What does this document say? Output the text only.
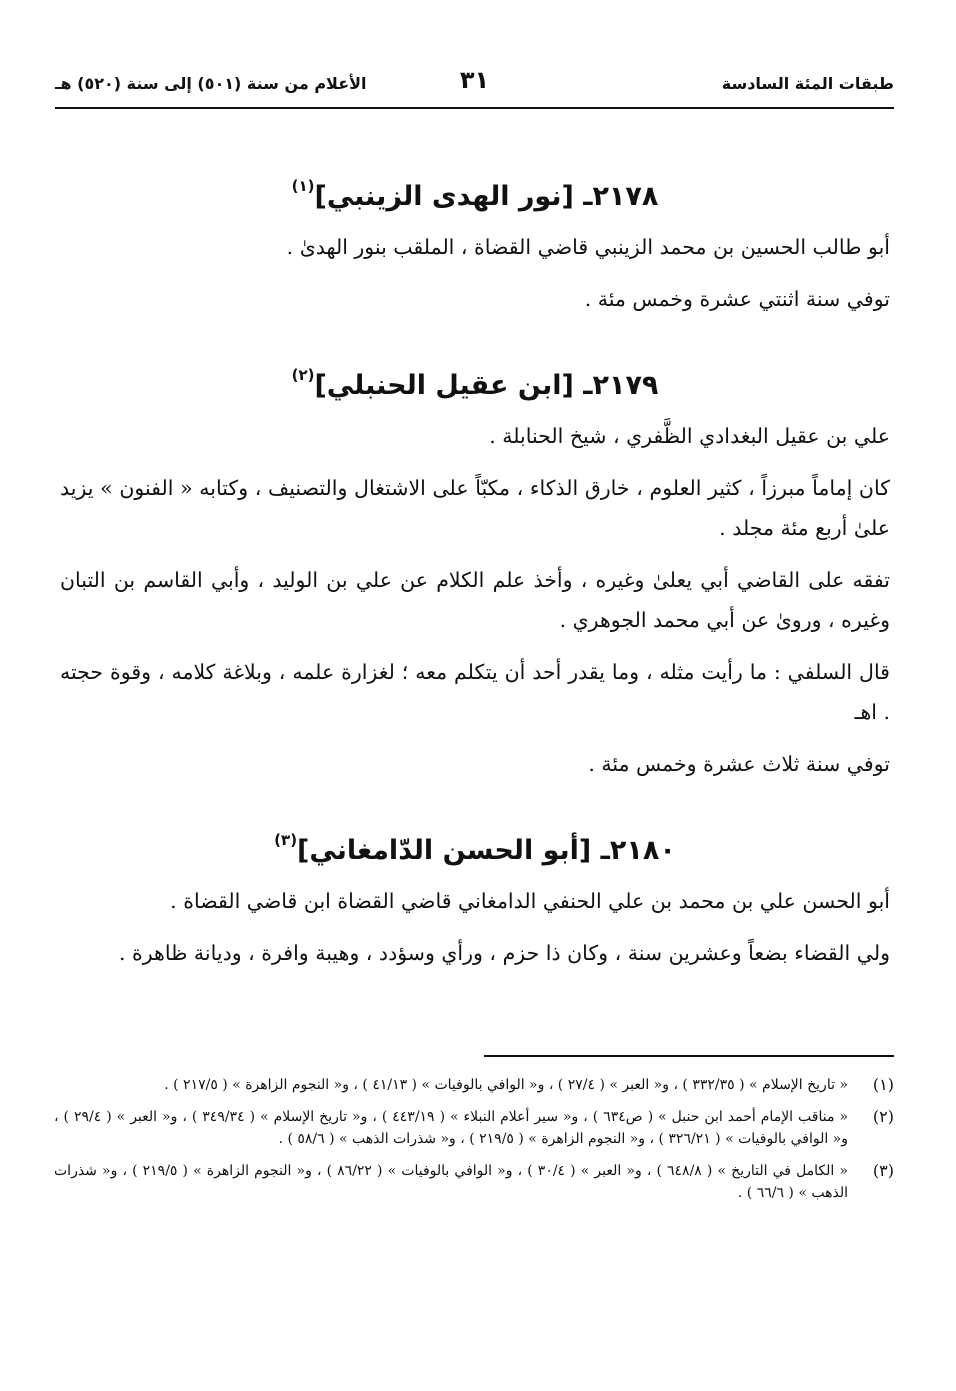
طبقات المئة السادسة
٣١
الأعلام من سنة (٥٠١) إلى سنة (٥٢٠) هـ
٢١٧٨ـ [نور الهدى الزينبي]$^{(١)}$

أبو طالب الحسين بن محمد الزينبي قاضي القضاة ، الملقب بنور الهدىٰ .

توفي سنة اثنتي عشرة وخمس مئة .

٢١٧٩ـ [ابن عقيل الحنبلي]$^{(٢)}$

علي بن عقيل البغدادي الظَّفري ، شيخ الحنابلة .

كان إماماً مبرزاً ، كثير العلوم ، خارق الذكاء ، مكبّاً على الاشتغال والتصنيف ، وكتابه « الفنون » يزيد علىٰ أربع مئة مجلد .

تفقه على القاضي أبي يعلىٰ وغيره ، وأخذ علم الكلام عن علي بن الوليد ، وأبي القاسم بن التبان وغيره ، وروىٰ عن أبي محمد الجوهري .

قال السلفي : ما رأيت مثله ، وما يقدر أحد أن يتكلم معه ؛ لغزارة علمه ، وبلاغة كلامه ، وقوة حجته . اهـ

توفي سنة ثلاث عشرة وخمس مئة .

٢١٨٠ـ [أبو الحسن الدّامغاني]$^{(٣)}$

أبو الحسن علي بن محمد بن علي الحنفي الدامغاني قاضي القضاة ابن قاضي القضاة .

ولي القضاء بضعاً وعشرين سنة ، وكان ذا حزم ، ورأي وسؤدد ، وهيبة وافرة ، وديانة ظاهرة .

(١)
« تاريخ الإسلام » ( ٣٣٢/٣٥ ) ، و« العبر » ( ٢٧/٤ ) ، و« الوافي بالوفيات » ( ٤١/١٣ ) ، و« النجوم الزاهرة » ( ٢١٧/٥ ) .
(٢)
« مناقب الإمام أحمد ابن حنبل » ( ص٦٣٤ ) ، و« سير أعلام النبلاء » ( ٤٤٣/١٩ ) ، و« تاريخ الإسلام » ( ٣٤٩/٣٤ ) ، و« العبر » ( ٢٩/٤ ) ، و« الوافي بالوفيات » ( ٣٢٦/٢١ ) ، و« النجوم الزاهرة » ( ٢١٩/٥ ) ، و« شذرات الذهب » ( ٥٨/٦ ) .
(٣)
« الكامل في التاريخ » ( ٦٤٨/٨ ) ، و« العبر » ( ٣٠/٤ ) ، و« الوافي بالوفيات » ( ٨٦/٢٢ ) ، و« النجوم الزاهرة » ( ٢١٩/٥ ) ، و« شذرات الذهب » ( ٦٦/٦ ) .
